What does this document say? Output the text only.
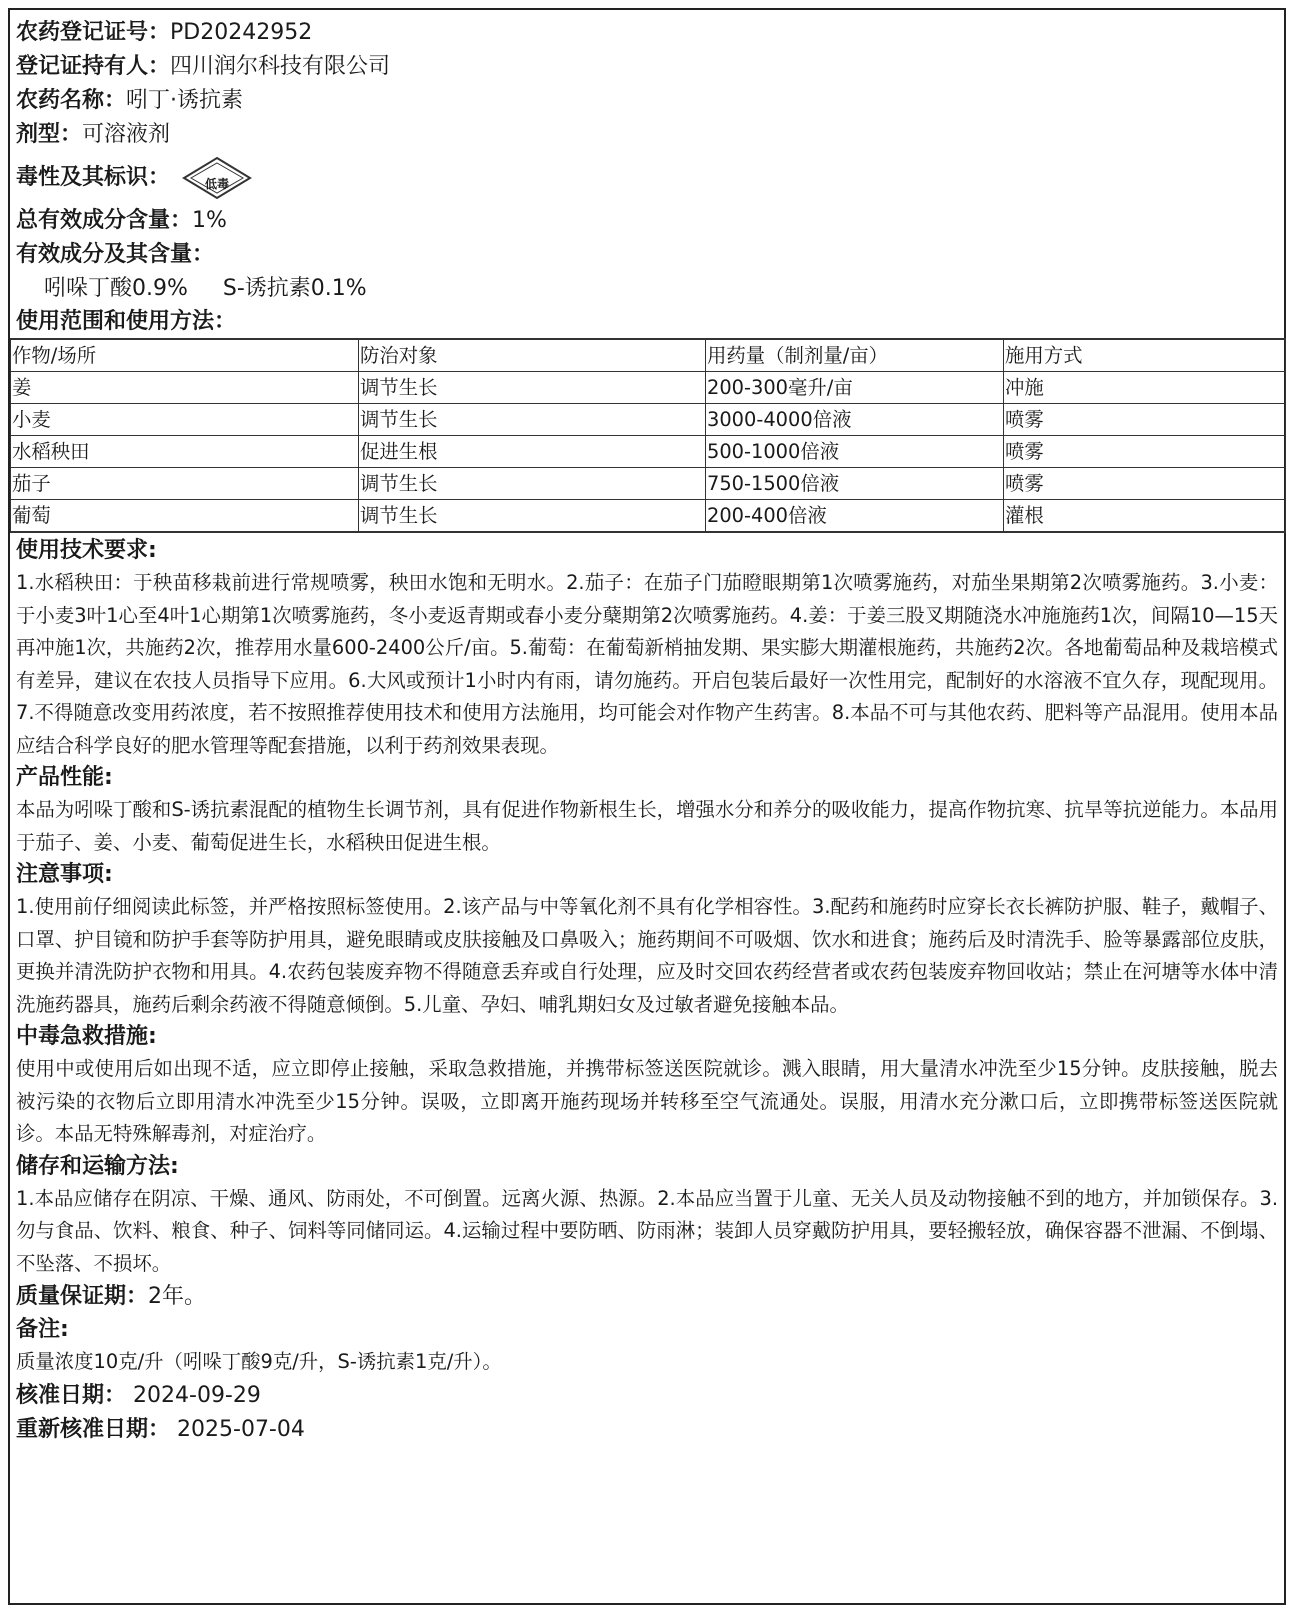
农药登记证号：PD20242952
登记证持有人：四川润尔科技有限公司
农药名称：吲丁·诱抗素
剂型：可溶液剂
毒性及其标识：	低毒
总有效成分含量：1%
有效成分及其含量：
吲哚丁酸0.9% S-诱抗素0.1%
使用范围和使用方法：
作物/场所	防治对象	用药量（制剂量/亩）	施用方式
姜	调节生长	200-300毫升/亩	冲施
小麦	调节生长	3000-4000倍液	喷雾
水稻秧田	促进生根	500-1000倍液	喷雾
茄子	调节生长	750-1500倍液	喷雾
葡萄	调节生长	200-400倍液	灌根
使用技术要求:

1.水稻秧田：于秧苗移栽前进行常规喷雾，秧田水饱和无明水。2.茄子：在茄子门茄瞪眼期第1次喷雾施药，对茄坐果期第2次喷雾施药。3.小麦：于小麦3叶1心至4叶1心期第1次喷雾施药，冬小麦返青期或春小麦分蘖期第2次喷雾施药。4.姜：于姜三股叉期随浇水冲施施药1次，间隔10—15天再冲施1次，共施药2次，推荐用水量600-2400公斤/亩。5.葡萄：在葡萄新梢抽发期、果实膨大期灌根施药，共施药2次。各地葡萄品种及栽培模式有差异，建议在农技人员指导下应用。6.大风或预计1小时内有雨，请勿施药。开启包装后最好一次性用完，配制好的水溶液不宜久存，现配现用。7.不得随意改变用药浓度，若不按照推荐使用技术和使用方法施用，均可能会对作物产生药害。8.本品不可与其他农药、肥料等产品混用。使用本品应结合科学良好的肥水管理等配套措施，以利于药剂效果表现。

产品性能:

本品为吲哚丁酸和S-诱抗素混配的植物生长调节剂，具有促进作物新根生长，增强水分和养分的吸收能力，提高作物抗寒、抗旱等抗逆能力。本品用于茄子、姜、小麦、葡萄促进生长，水稻秧田促进生根。

注意事项:

1.使用前仔细阅读此标签，并严格按照标签使用。2.该产品与中等氧化剂不具有化学相容性。3.配药和施药时应穿长衣长裤防护服、鞋子，戴帽子、口罩、护目镜和防护手套等防护用具，避免眼睛或皮肤接触及口鼻吸入；施药期间不可吸烟、饮水和进食；施药后及时清洗手、脸等暴露部位皮肤，更换并清洗防护衣物和用具。4.农药包装废弃物不得随意丢弃或自行处理，应及时交回农药经营者或农药包装废弃物回收站；禁止在河塘等水体中清洗施药器具，施药后剩余药液不得随意倾倒。5.儿童、孕妇、哺乳期妇女及过敏者避免接触本品。

中毒急救措施:

使用中或使用后如出现不适，应立即停止接触，采取急救措施，并携带标签送医院就诊。溅入眼睛，用大量清水冲洗至少15分钟。皮肤接触，脱去被污染的衣物后立即用清水冲洗至少15分钟。误吸，立即离开施药现场并转移至空气流通处。误服，用清水充分漱口后，立即携带标签送医院就诊。本品无特殊解毒剂，对症治疗。

储存和运输方法:

1.本品应储存在阴凉、干燥、通风、防雨处，不可倒置。远离火源、热源。2.本品应当置于儿童、无关人员及动物接触不到的地方，并加锁保存。3.勿与食品、饮料、粮食、种子、饲料等同储同运。4.运输过程中要防晒、防雨淋；装卸人员穿戴防护用具，要轻搬轻放，确保容器不泄漏、不倒塌、不坠落、不损坏。

质量保证期：2年。
备注:

质量浓度10克/升（吲哚丁酸9克/升，S-诱抗素1克/升）。

核准日期： 2024-09-29
重新核准日期： 2025-07-04
